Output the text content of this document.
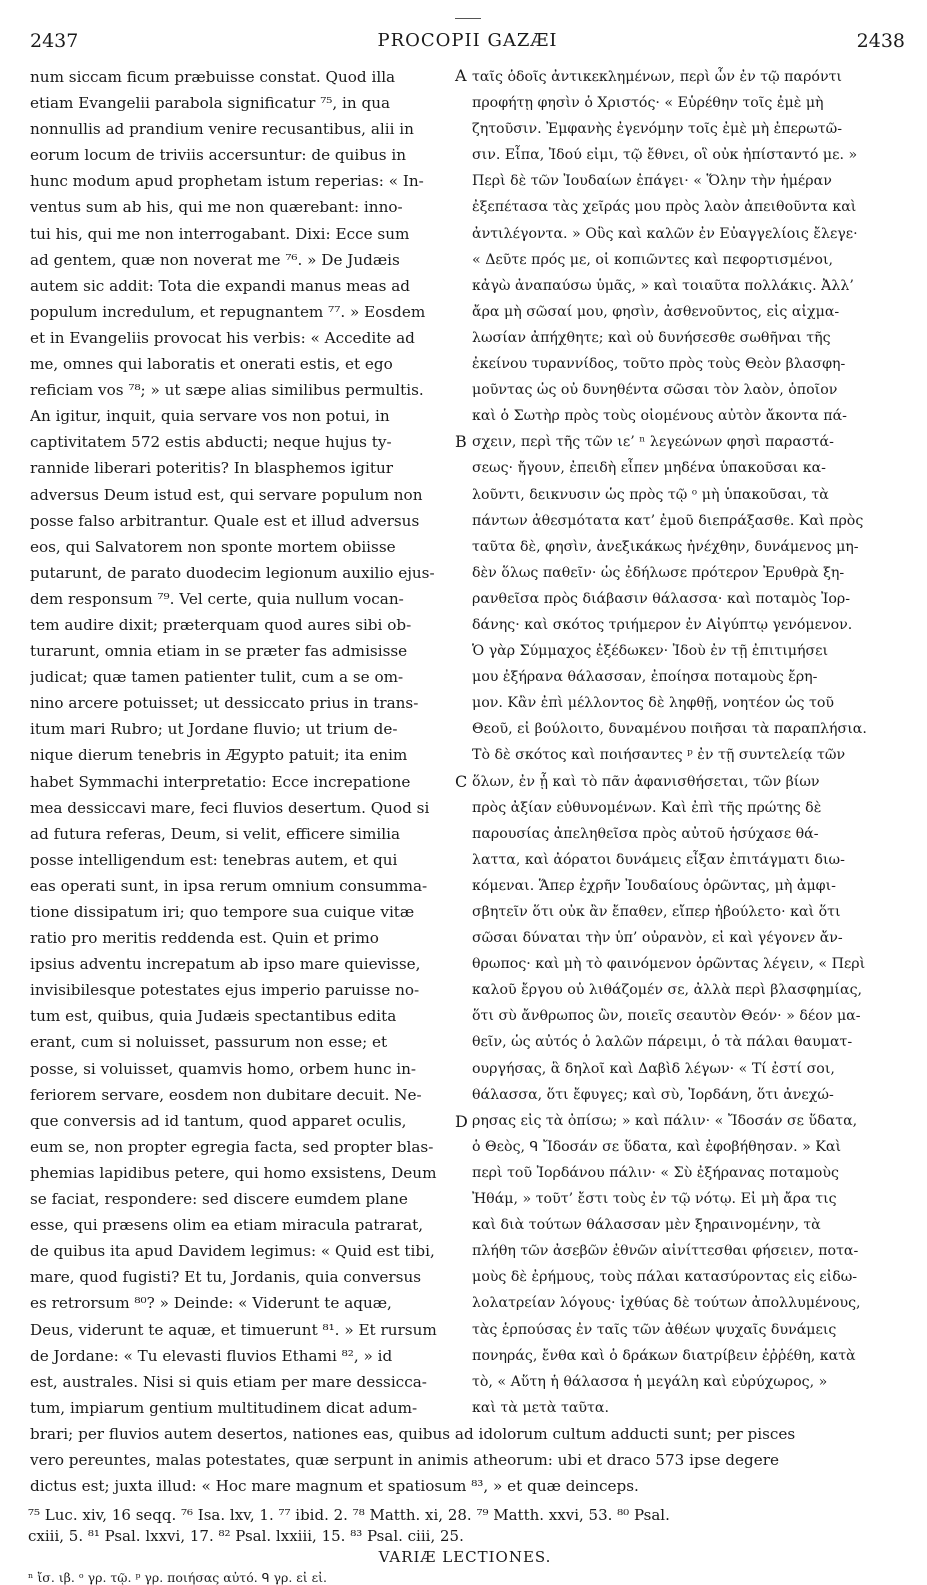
2437	PROCOPII GAZÆI	2438
num siccam ficum præbuisse constat. Quod illa
etiam Evangelii parabola significatur ⁷⁵, in qua
nonnullis ad prandium venire recusantibus, alii in
eorum locum de triviis accersuntur: de quibus in
hunc modum apud prophetam istum reperias: « In-
ventus sum ab his, qui me non quærebant: inno-
tui his, qui me non interrogabant. Dixi: Ecce sum
ad gentem, quæ non noverat me ⁷⁶. » De Judæis
autem sic addit: Tota die expandi manus meas ad
populum incredulum, et repugnantem ⁷⁷. » Eosdem
et in Evangeliis provocat his verbis: « Accedite ad
me, omnes qui laboratis et onerati estis, et ego
reficiam vos ⁷⁸; » ut sæpe alias similibus permultis.
An igitur, inquit, quia servare vos non potui, in
captivitatem 572 estis abducti; neque hujus ty-
rannide liberari poteritis? In blasphemos igitur
adversus Deum istud est, qui servare populum non
posse falso arbitrantur. Quale est et illud adversus
eos, qui Salvatorem non sponte mortem obiisse
putarunt, de parato duodecim legionum auxilio ejus-
dem responsum ⁷⁹. Vel certe, quia nullum vocan-
tem audire dixit; præterquam quod aures sibi ob-
turarunt, omnia etiam in se præter fas admisisse
judicat; quæ tamen patienter tulit, cum a se om-
nino arcere potuisset; ut dessiccato prius in trans-
itum mari Rubro; ut Jordane fluvio; ut trium de-
nique dierum tenebris in Ægypto patuit; ita enim
habet Symmachi interpretatio: Ecce increpatione
mea dessiccavi mare, feci fluvios desertum. Quod si
ad futura referas, Deum, si velit, efficere similia
posse intelligendum est: tenebras autem, et qui
eas operati sunt, in ipsa rerum omnium consumma-
tione dissipatum iri; quo tempore sua cuique vitæ
ratio pro meritis reddenda est. Quin et primo
ipsius adventu increpatum ab ipso mare quievisse,
invisibilesque potestates ejus imperio paruisse no-
tum est, quibus, quia Judæis spectantibus edita
erant, cum si noluisset, passurum non esse; et
posse, si voluisset, quamvis homo, orbem hunc in-
feriorem servare, eosdem non dubitare decuit. Ne-
que conversis ad id tantum, quod apparet oculis,
eum se, non propter egregia facta, sed propter blas-
phemias lapidibus petere, qui homo exsistens, Deum
se faciat, respondere: sed discere eumdem plane
esse, qui præsens olim ea etiam miracula patrarat,
de quibus ita apud Davidem legimus: « Quid est tibi,
mare, quod fugisti? Et tu, Jordanis, quia conversus
es retrorsum ⁸⁰? » Deinde: « Viderunt te aquæ,
Deus, viderunt te aquæ, et timuerunt ⁸¹. » Et rursum
de Jordane: « Tu elevasti fluvios Ethami ⁸², » id
est, australes. Nisi si quis etiam per mare dessicca-
tum, impiarum gentium multitudinem dicat adum-
ταῖς ὁδοῖς ἀντικεκλημένων, περὶ ὧν ἐν τῷ παρόντι
προφήτῃ φησὶν ὁ Χριστός· « Εὑρέθην τοῖς ἐμὲ μὴ
ζητοῦσιν. Ἐμφανὴς ἐγενόμην τοῖς ἐμὲ μὴ ἐπερωτῶ-
σιν. Εἶπα, Ἰδού εἰμι, τῷ ἔθνει, οἳ οὐκ ἠπίσταντό με. »
Περὶ δὲ τῶν Ἰουδαίων ἐπάγει· « Ὅλην τὴν ἡμέραν
ἐξεπέτασα τὰς χεῖράς μου πρὸς λαὸν ἀπειθοῦντα καὶ
ἀντιλέγοντα. » Οὓς καὶ καλῶν ἐν Εὐαγγελίοις ἔλεγε·
« Δεῦτε πρός με, οἱ κοπιῶντες καὶ πεφορτισμένοι,
κἀγὼ ἀναπαύσω ὑμᾶς, » καὶ τοιαῦτα πολλάκις. Ἀλλ’
ἄρα μὴ σῶσαί μου, φησὶν, ἀσθενοῦντος, εἰς αἰχμα-
λωσίαν ἀπήχθητε; καὶ οὐ δυνήσεσθε σωθῆναι τῆς
ἐκείνου τυραννίδος, τοῦτο πρὸς τοὺς Θεὸν βλασφη-
μοῦντας ὡς οὐ δυνηθέντα σῶσαι τὸν λαὸν, ὁποῖον
καὶ ὁ Σωτὴρ πρὸς τοὺς οἰομένους αὐτὸν ἄκοντα πά-
σχειν, περὶ τῆς τῶν ιε’ ⁿ λεγεώνων φησὶ παραστά-
σεως· ἤγουν, ἐπειδὴ εἶπεν μηδένα ὑπακοῦσαι κα-
λοῦντι, δεικνυσιν ὡς πρὸς τῷ ᵒ μὴ ὑπακοῦσαι, τὰ
πάντων ἀθεσμότατα κατ’ ἐμοῦ διεπράξασθε. Καὶ πρὸς
ταῦτα δὲ, φησὶν, ἀνεξικάκως ἠνέχθην, δυνάμενος μη-
δὲν ὅλως παθεῖν· ὡς ἐδήλωσε πρότερον Ἐρυθρὰ ξη-
ρανθεῖσα πρὸς διάβασιν θάλασσα· καὶ ποταμὸς Ἰορ-
δάνης· καὶ σκότος τριήμερον ἐν Αἰγύπτῳ γενόμενον.
Ὁ γὰρ Σύμμαχος ἐξέδωκεν· Ἰδοὺ ἐν τῇ ἐπιτιμήσει
μου ἐξήρανα θάλασσαν, ἐποίησα ποταμοὺς ἔρη-
μον. Κἂν ἐπὶ μέλλοντος δὲ ληφθῇ, νοητέον ὡς τοῦ
Θεοῦ, εἰ βούλοιτο, δυναμένου ποιῆσαι τὰ παραπλήσια.
Τὸ δὲ σκότος καὶ ποιήσαντες ᵖ ἐν τῇ συντελείᾳ τῶν
ὅλων, ἐν ᾗ καὶ τὸ πᾶν ἀφανισθήσεται, τῶν βίων
πρὸς ἀξίαν εὐθυνομένων. Καὶ ἐπὶ τῆς πρώτης δὲ
παρουσίας ἀπεληθεῖσα πρὸς αὐτοῦ ἡσύχασε θά-
λαττα, καὶ ἀόρατοι δυνάμεις εἶξαν ἐπιτάγματι διω-
κόμεναι. Ἅπερ ἐχρῆν Ἰουδαίους ὁρῶντας, μὴ ἀμφι-
σβητεῖν ὅτι οὐκ ἂν ἔπαθεν, εἴπερ ἠβούλετο· καὶ ὅτι
σῶσαι δύναται τὴν ὑπ’ οὐρανὸν, εἰ καὶ γέγονεν ἄν-
θρωπος· καὶ μὴ τὸ φαινόμενον ὁρῶντας λέγειν, « Περὶ
καλοῦ ἔργου οὐ λιθάζομέν σε, ἀλλὰ περὶ βλασφημίας,
ὅτι σὺ ἄνθρωπος ὢν, ποιεῖς σεαυτὸν Θεόν· » δέον μα-
θεῖν, ὡς αὐτός ὁ λαλῶν πάρειμι, ὁ τὰ πάλαι θαυματ-
ουργήσας, ἃ δηλοῖ καὶ Δαβὶδ λέγων· « Τί ἐστί σοι,
θάλασσα, ὅτι ἔφυγες; καὶ σὺ, Ἰορδάνη, ὅτι ἀνεχώ-
ρησας εἰς τὰ ὀπίσω; » καὶ πάλιν· « Ἴδοσάν σε ὕδατα,
ὁ Θεὸς, ᑫ Ἴδοσάν σε ὕδατα, καὶ ἐφοβήθησαν. » Καὶ
περὶ τοῦ Ἰορδάνου πάλιν· « Σὺ ἐξήρανας ποταμοὺς
Ἠθάμ, » τοῦτ’ ἔστι τοὺς ἐν τῷ νότῳ. Εἰ μὴ ἄρα τις
καὶ διὰ τούτων θάλασσαν μὲν ξηραινομένην, τὰ
πλήθη τῶν ἀσεβῶν ἐθνῶν αἰνίττεσθαι φήσειεν, ποτα-
μοὺς δὲ ἐρήμους, τοὺς πάλαι κατασύροντας εἰς εἰδω-
λολατρείαν λόγους· ἰχθύας δὲ τούτων ἀπολλυμένους,
τὰς ἑρπούσας ἐν ταῖς τῶν ἀθέων ψυχαῖς δυνάμεις
πονηράς, ἔνθα καὶ ὁ δράκων διατρίβειν ἐῤῥέθη, κατὰ
τὸ, « Αὕτη ἡ θάλασσα ἡ μεγάλη καὶ εὐρύχωρος, »
καὶ τὰ μετὰ ταῦτα.
A
B
C
D
brari; per fluvios autem desertos, nationes eas, quibus ad idolorum cultum adducti sunt; per pisces
vero pereuntes, malas potestates, quæ serpunt in animis atheorum: ubi et draco 573 ipse degere
dictus est; juxta illud: « Hoc mare magnum et spatiosum ⁸³, » et quæ deinceps.
⁷⁵ Luc. xiv, 16 seqq. ⁷⁶ Isa. lxv, 1. ⁷⁷ ibid. 2. ⁷⁸ Matth. xi, 28. ⁷⁹ Matth. xxvi, 53. ⁸⁰ Psal.
cxiii, 5. ⁸¹ Psal. lxxvi, 17. ⁸² Psal. lxxiii, 15. ⁸³ Psal. ciii, 25.
VARIÆ LECTIONES.
ⁿ ἴσ. ιβ. ᵒ γρ. τῷ. ᵖ γρ. ποιήσας αὐτό. ᑫ γρ. εἰ εἰ.
